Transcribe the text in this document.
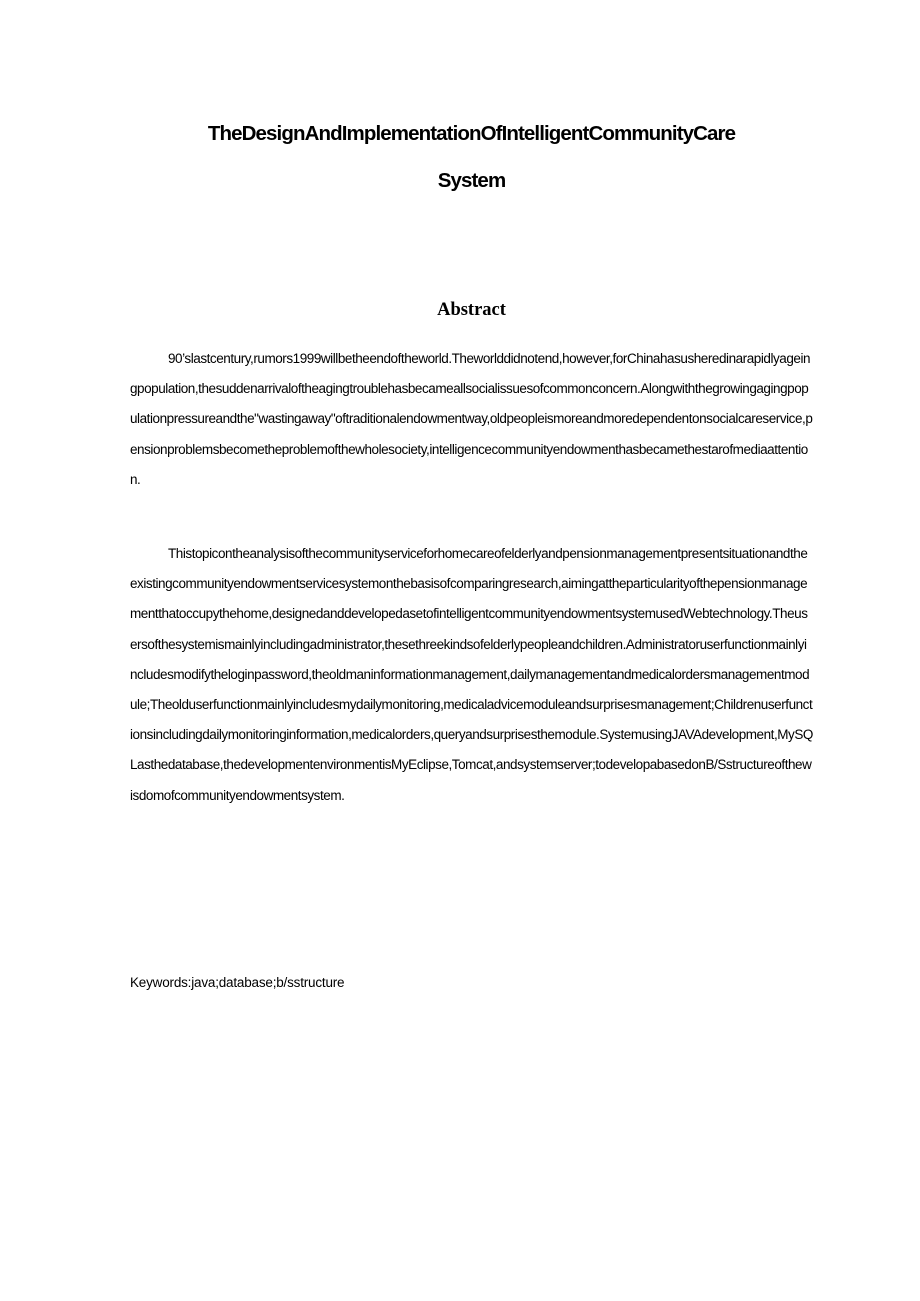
TheDesignAndImplementationOfIntelligentCommunityCare
System
Abstract

90’slastcentury,rumors1999willbetheendoftheworld.Theworlddidnotend,however,forChinahasusheredinarapidlyageingpopulation,thesuddenarrivaloftheagingtroublehasbecameallsocialissuesofcommonconcern.Alongwiththegrowingagingpopulationpressureandthe"wastingaway"oftraditionalendowmentway,oldpeopleismoreandmoredependentonsocialcareservice,pensionproblemsbecometheproblemofthewholesociety,intelligencecommunityendowmenthasbecamethestarofmediaattention.

Thistopicontheanalysisofthecommunityserviceforhomecareofelderlyandpensionmanagementpresentsituationandtheexistingcommunityendowmentservicesystemonthebasisofcomparingresearch,aimingattheparticularityofthepensionmanagementthatoccupythehome,designedanddevelopedasetofintelligentcommunityendowmentsystemusedWebtechnology.Theusersofthesystemismainlyincludingadministrator,thesethreekindsofelderlypeopleandchildren.Administratoruserfunctionmainlyincludesmodifytheloginpassword,theoldmaninformationmanagement,dailymanagementandmedicalordersmanagementmodule;Theolduserfunctionmainlyincludesmydailymonitoring,medicaladvicemoduleandsurprisesmanagement;Childrenuserfunctionsincludingdailymonitoringinformation,medicalorders,queryandsurprisesthemodule.SystemusingJAVAdevelopment,MySQLasthedatabase,thedevelopmentenvironmentisMyEclipse,Tomcat,andsystemserver;todevelopabasedonB/Sstructureofthewisdomofcommunityendowmentsystem.

Keywords:java;database;b/sstructure
